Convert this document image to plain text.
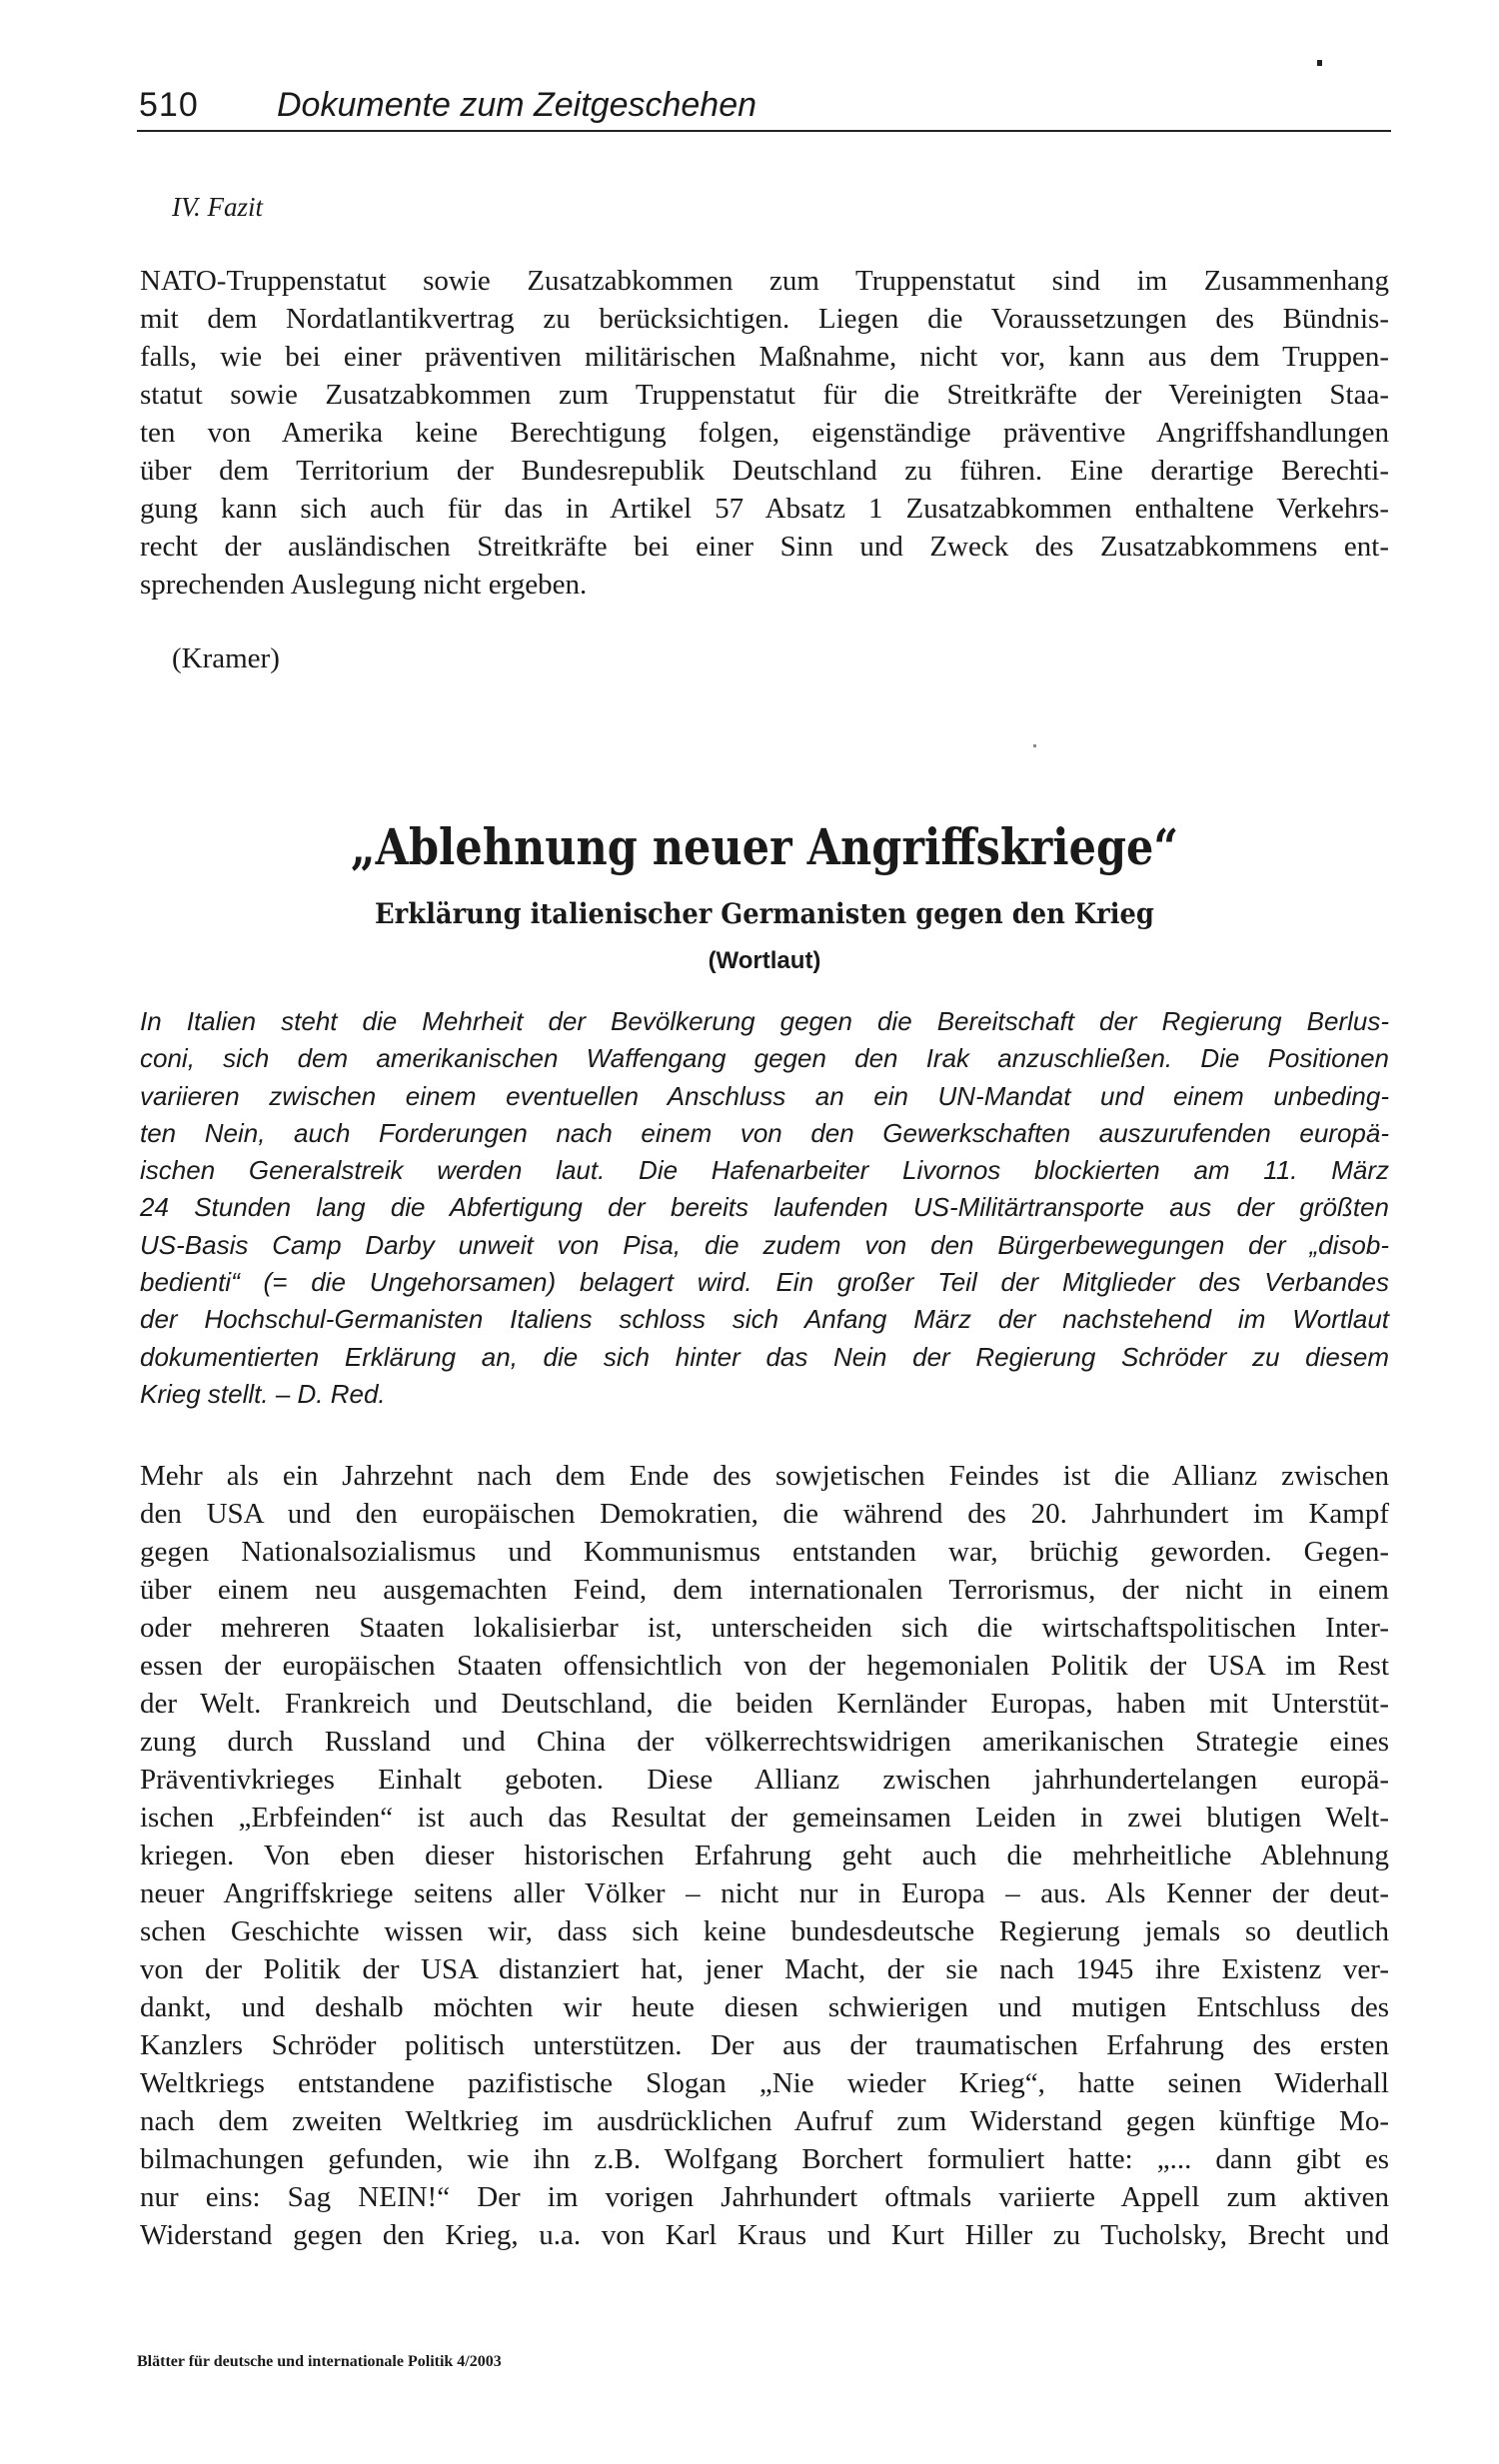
510 Dokumente zum Zeitgeschehen
IV. Fazit
NATO-Truppenstatut sowie Zusatzabkommen zum Truppenstatut sind im Zusammenhang
mit dem Nordatlantikvertrag zu berücksichtigen. Liegen die Voraussetzungen des Bündnis-
falls, wie bei einer präventiven militärischen Maßnahme, nicht vor, kann aus dem Truppen-
statut sowie Zusatzabkommen zum Truppenstatut für die Streitkräfte der Vereinigten Staa-
ten von Amerika keine Berechtigung folgen, eigenständige präventive Angriffshandlungen
über dem Territorium der Bundesrepublik Deutschland zu führen. Eine derartige Berechti-
gung kann sich auch für das in Artikel 57 Absatz 1 Zusatzabkommen enthaltene Verkehrs-
recht der ausländischen Streitkräfte bei einer Sinn und Zweck des Zusatzabkommens ent-
sprechenden Auslegung nicht ergeben.
(Kramer)
„Ablehnung neuer Angriffskriege“
Erklärung italienischer Germanisten gegen den Krieg
(Wortlaut)
In Italien steht die Mehrheit der Bevölkerung gegen die Bereitschaft der Regierung Berlus-
coni, sich dem amerikanischen Waffengang gegen den Irak anzuschließen. Die Positionen
variieren zwischen einem eventuellen Anschluss an ein UN-Mandat und einem unbeding-
ten Nein, auch Forderungen nach einem von den Gewerkschaften auszurufenden europä-
ischen Generalstreik werden laut. Die Hafenarbeiter Livornos blockierten am 11. März
24 Stunden lang die Abfertigung der bereits laufenden US-Militärtransporte aus der größten
US-Basis Camp Darby unweit von Pisa, die zudem von den Bürgerbewegungen der „disob-
bedienti“ (= die Ungehorsamen) belagert wird. Ein großer Teil der Mitglieder des Verbandes
der Hochschul-Germanisten Italiens schloss sich Anfang März der nachstehend im Wortlaut
dokumentierten Erklärung an, die sich hinter das Nein der Regierung Schröder zu diesem
Krieg stellt. – D. Red.
Mehr als ein Jahrzehnt nach dem Ende des sowjetischen Feindes ist die Allianz zwischen
den USA und den europäischen Demokratien, die während des 20. Jahrhundert im Kampf
gegen Nationalsozialismus und Kommunismus entstanden war, brüchig geworden. Gegen-
über einem neu ausgemachten Feind, dem internationalen Terrorismus, der nicht in einem
oder mehreren Staaten lokalisierbar ist, unterscheiden sich die wirtschaftspolitischen Inter-
essen der europäischen Staaten offensichtlich von der hegemonialen Politik der USA im Rest
der Welt. Frankreich und Deutschland, die beiden Kernländer Europas, haben mit Unterstüt-
zung durch Russland und China der völkerrechtswidrigen amerikanischen Strategie eines
Präventivkrieges Einhalt geboten. Diese Allianz zwischen jahrhundertelangen europä-
ischen „Erbfeinden“ ist auch das Resultat der gemeinsamen Leiden in zwei blutigen Welt-
kriegen. Von eben dieser historischen Erfahrung geht auch die mehrheitliche Ablehnung
neuer Angriffskriege seitens aller Völker – nicht nur in Europa – aus. Als Kenner der deut-
schen Geschichte wissen wir, dass sich keine bundesdeutsche Regierung jemals so deutlich
von der Politik der USA distanziert hat, jener Macht, der sie nach 1945 ihre Existenz ver-
dankt, und deshalb möchten wir heute diesen schwierigen und mutigen Entschluss des
Kanzlers Schröder politisch unterstützen. Der aus der traumatischen Erfahrung des ersten
Weltkriegs entstandene pazifistische Slogan „Nie wieder Krieg“, hatte seinen Widerhall
nach dem zweiten Weltkrieg im ausdrücklichen Aufruf zum Widerstand gegen künftige Mo-
bilmachungen gefunden, wie ihn z.B. Wolfgang Borchert formuliert hatte: „... dann gibt es
nur eins: Sag NEIN!“ Der im vorigen Jahrhundert oftmals variierte Appell zum aktiven
Widerstand gegen den Krieg, u.a. von Karl Kraus und Kurt Hiller zu Tucholsky, Brecht und
Blätter für deutsche und internationale Politik 4/2003
